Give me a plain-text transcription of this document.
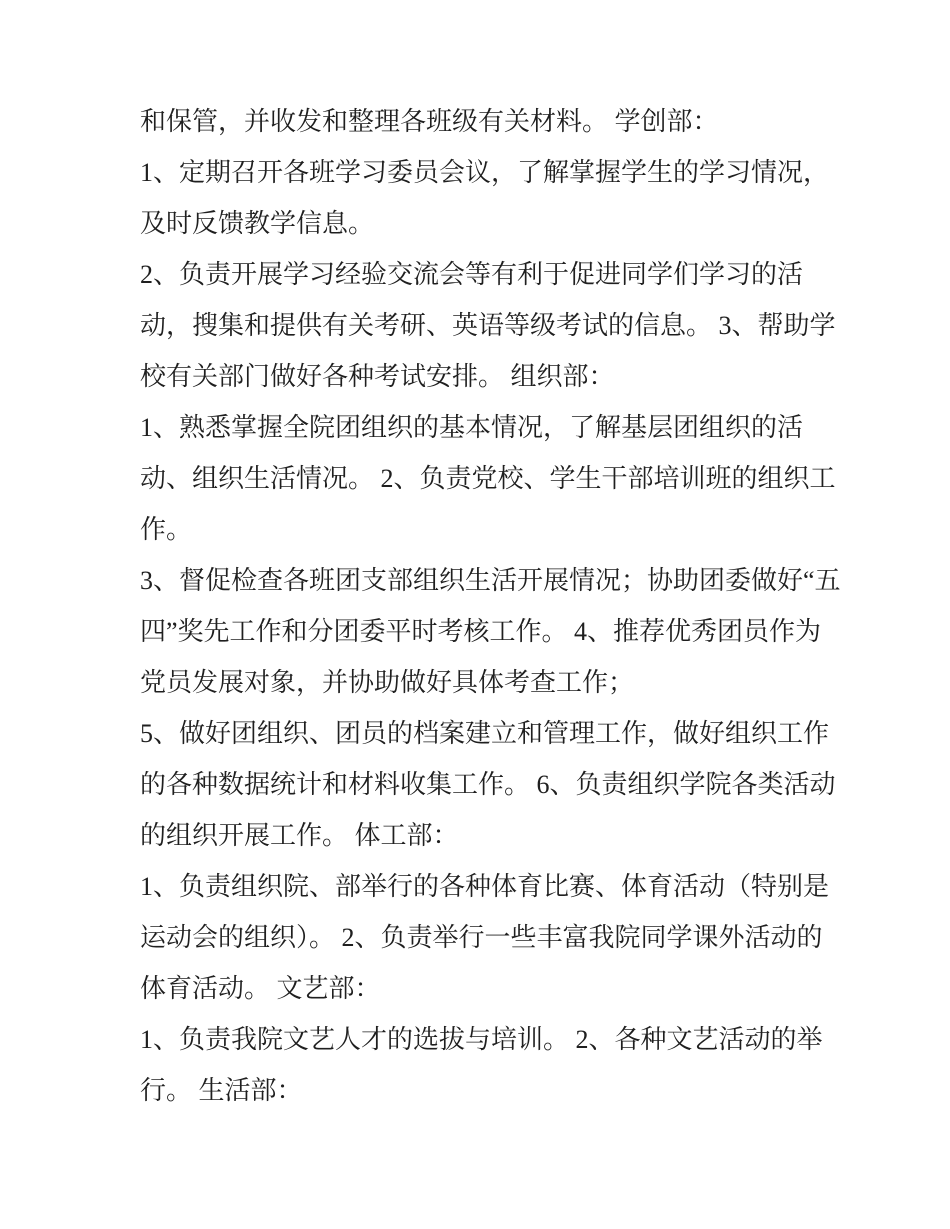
和保管，并收发和整理各班级有关材料。 学创部：
1、定期召开各班学习委员会议，了解掌握学生的学习情况，
及时反馈教学信息。
2、负责开展学习经验交流会等有利于促进同学们学习的活
动，搜集和提供有关考研、英语等级考试的信息。 3、帮助学
校有关部门做好各种考试安排。 组织部：
1、熟悉掌握全院团组织的基本情况，了解基层团组织的活
动、组织生活情况。 2、负责党校、学生干部培训班的组织工
作。
3、督促检查各班团支部组织生活开展情况；协助团委做好“五
四”奖先工作和分团委平时考核工作。 4、推荐优秀团员作为
党员发展对象，并协助做好具体考查工作；
5、做好团组织、团员的档案建立和管理工作，做好组织工作
的各种数据统计和材料收集工作。 6、负责组织学院各类活动
的组织开展工作。 体工部：
1、负责组织院、部举行的各种体育比赛、体育活动（特别是
运动会的组织）。 2、负责举行一些丰富我院同学课外活动的
体育活动。 文艺部：
1、负责我院文艺人才的选拔与培训。 2、各种文艺活动的举
行。 生活部：
